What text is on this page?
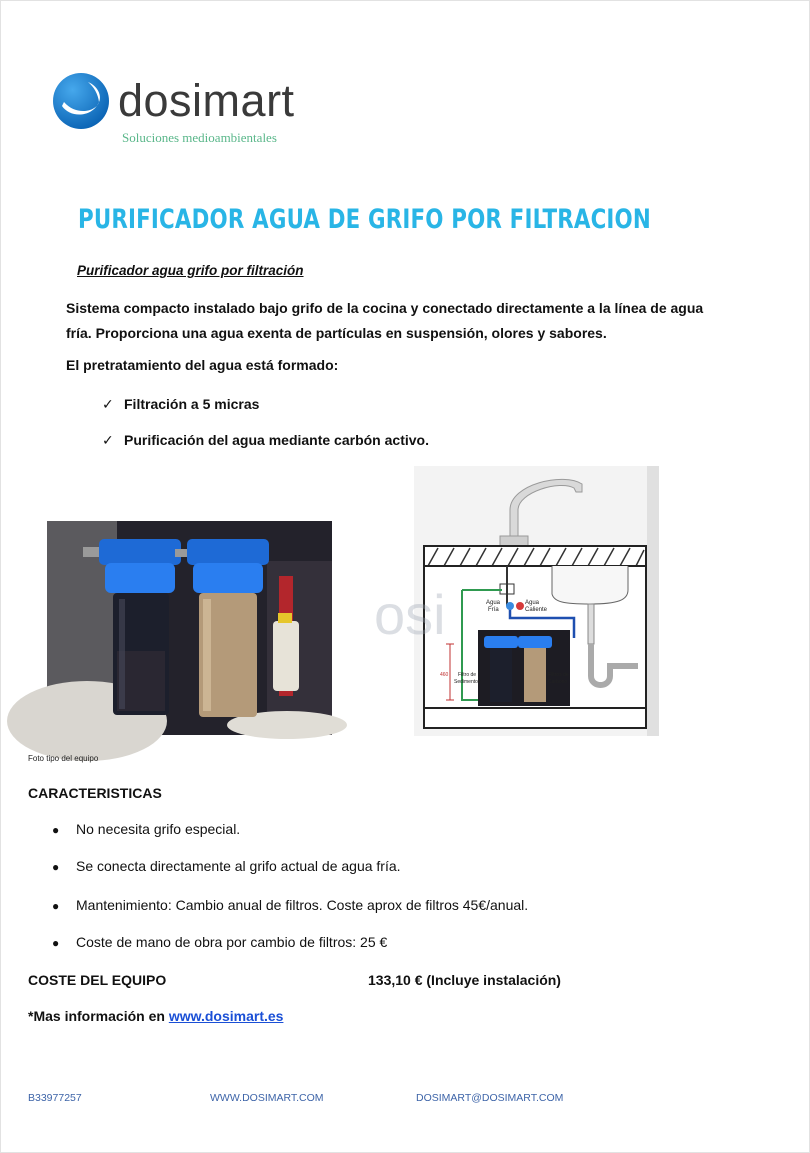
dosimart
Soluciones medioambientales
PURIFICADOR AGUA DE GRIFO POR FILTRACION
Purificador agua grifo por filtración
Sistema compacto instalado bajo grifo de la cocina y conectado directamente a la línea de agua fría. Proporciona una agua exenta de partículas en suspensión, olores y sabores.
El pretratamiento del agua está formado:
✓ Filtración a 5 micras
✓ Purificación del agua mediante carbón activo.
Agua
Fría
Agua
Caliente
460 Filtro de
Sedimentos
Filtros de
Carbono
osi
Foto tipo del equipo
CARACTERISTICAS
● No necesita grifo especial.
● Se conecta directamente al grifo actual de agua fría.
● Mantenimiento: Cambio anual de filtros. Coste aprox de filtros 45€/anual.
● Coste de mano de obra por cambio de filtros: 25 €
COSTE DEL EQUIPO	133,10 € (Incluye instalación)
*Mas información en www.dosimart.es
B33977257	WWW.DOSIMART.COM	DOSIMART@DOSIMART.COM
